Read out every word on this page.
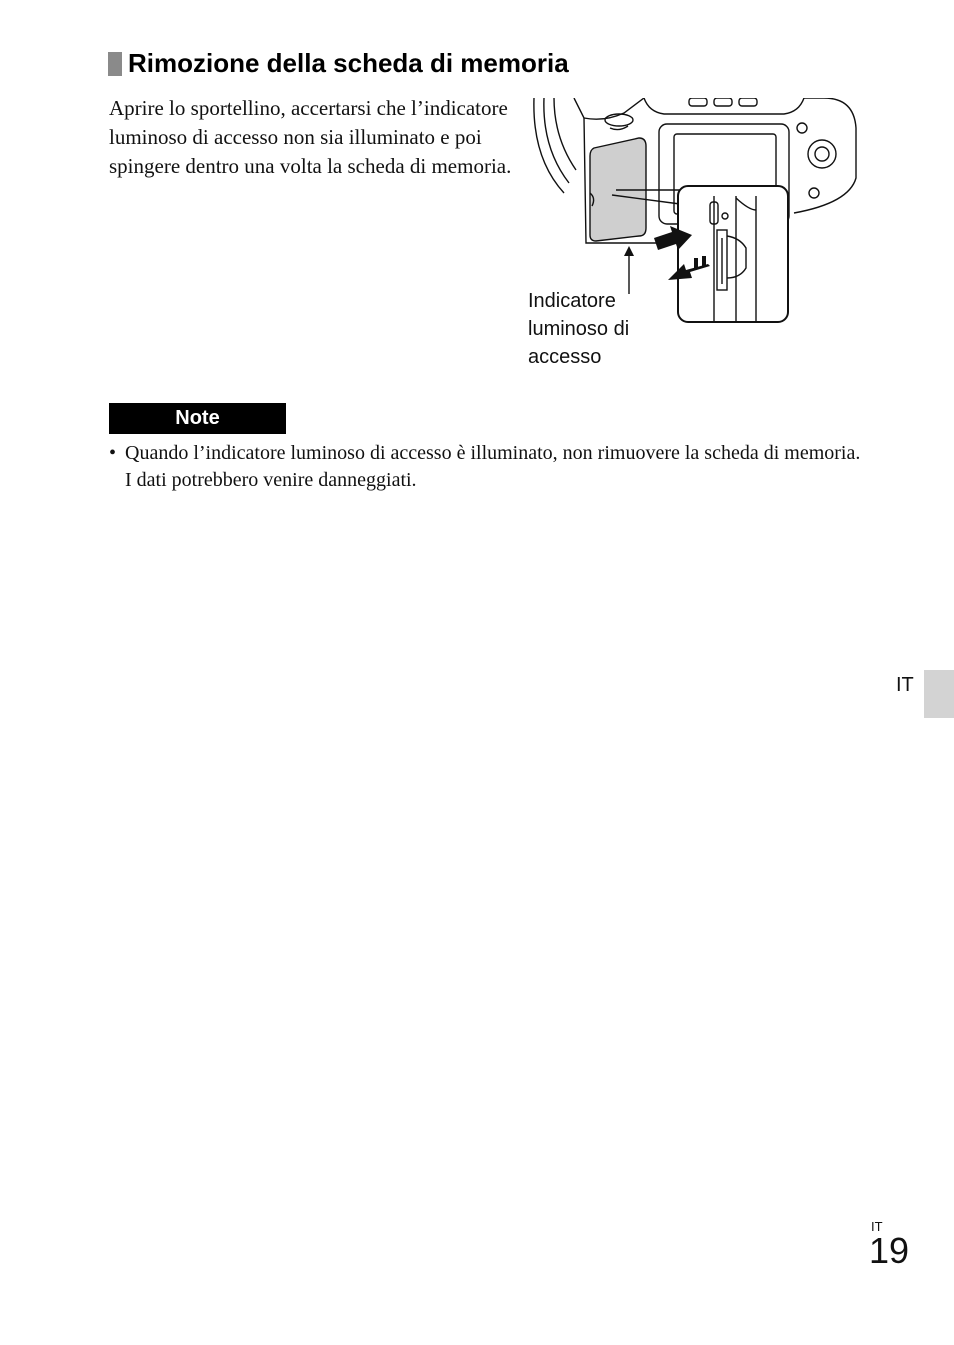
Rimozione della scheda di memoria

Aprire lo sportellino, accertarsi che l’indicatore luminoso di accesso non sia illuminato e poi spingere dentro una volta la scheda di memoria.

Indicatore
luminoso di
accesso
Note
• Quando l’indicatore luminoso di accesso è illuminato, non rimuovere la scheda di memoria. I dati potrebbero venire danneggiati.
IT
IT
19
